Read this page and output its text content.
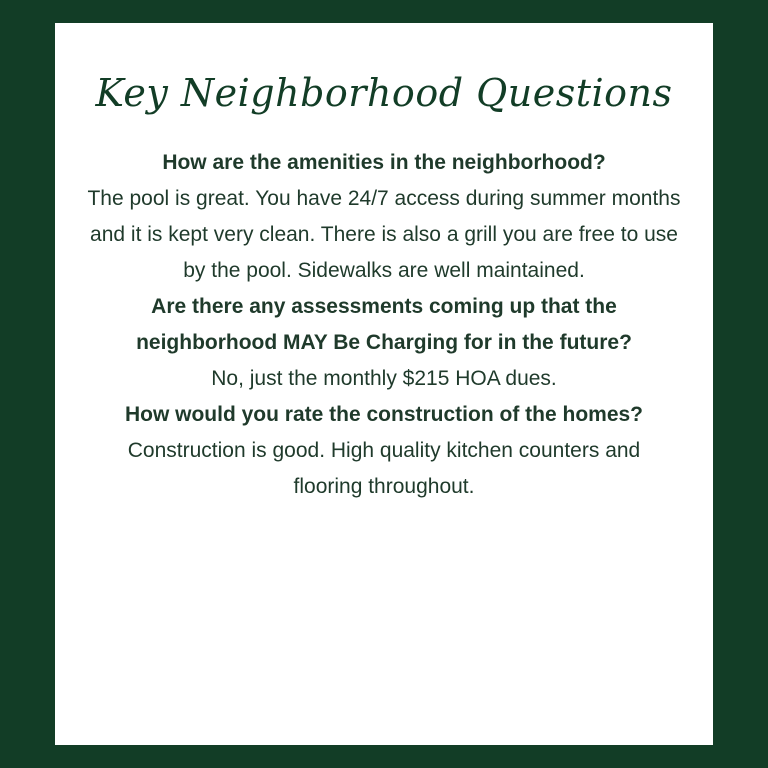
Key Neighborhood Questions

How are the amenities in the neighborhood?

The pool is great. You have 24/7 access during summer months and it is kept very clean. There is also a grill you are free to use by the pool. Sidewalks are well maintained.

Are there any assessments coming up that the neighborhood MAY Be Charging for in the future?

No, just the monthly $215 HOA dues.

How would you rate the construction of the homes?

Construction is good. High quality kitchen counters and flooring throughout.
